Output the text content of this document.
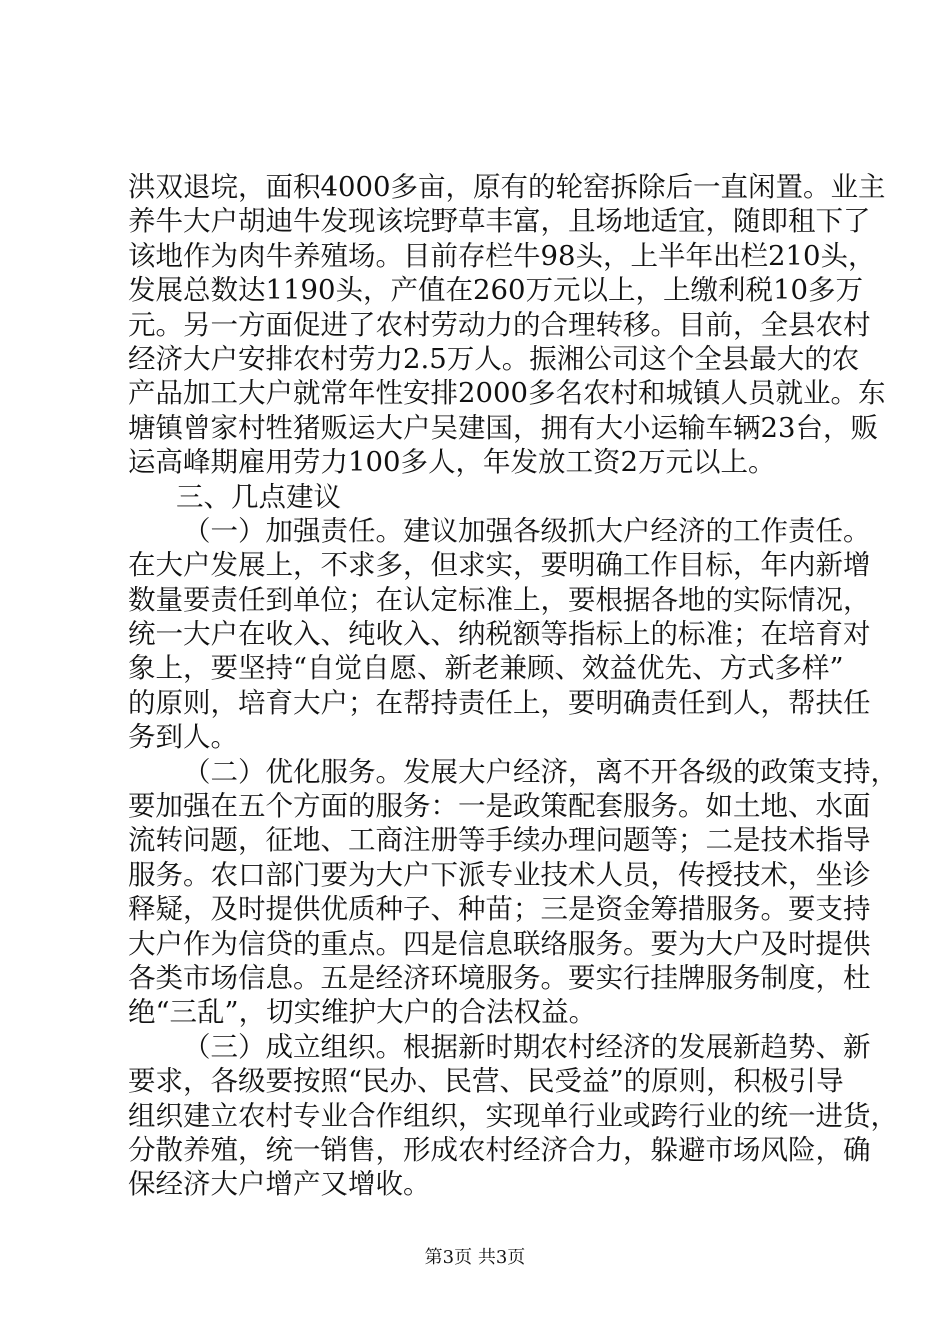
洪双退垸，面积4000多亩，原有的轮窑拆除后一直闲置。业主
养牛大户胡迪牛发现该垸野草丰富，且场地适宜，随即租下了
该地作为肉牛养殖场。目前存栏牛98头，上半年出栏210头，
发展总数达1190头，产值在260万元以上，上缴利税10多万
元。另一方面促进了农村劳动力的合理转移。目前，全县农村
经济大户安排农村劳力2.5万人。振湘公司这个全县最大的农
产品加工大户就常年性安排2000多名农村和城镇人员就业。东
塘镇曾家村牲猪贩运大户吴建国，拥有大小运输车辆23台，贩
运高峰期雇用劳力100多人，年发放工资2万元以上。
三、几点建议
（一）加强责任。建议加强各级抓大户经济的工作责任。
在大户发展上，不求多，但求实，要明确工作目标，年内新增
数量要责任到单位；在认定标准上，要根据各地的实际情况，
统一大户在收入、纯收入、纳税额等指标上的标准；在培育对
象上，要坚持“自觉自愿、新老兼顾、效益优先、方式多样”
的原则，培育大户；在帮持责任上，要明确责任到人，帮扶任
务到人。
（二）优化服务。发展大户经济，离不开各级的政策支持，
要加强在五个方面的服务：一是政策配套服务。如土地、水面
流转问题，征地、工商注册等手续办理问题等；二是技术指导
服务。农口部门要为大户下派专业技术人员，传授技术，坐诊
释疑，及时提供优质种子、种苗；三是资金筹措服务。要支持
大户作为信贷的重点。四是信息联络服务。要为大户及时提供
各类市场信息。五是经济环境服务。要实行挂牌服务制度，杜
绝“三乱”，切实维护大户的合法权益。
（三）成立组织。根据新时期农村经济的发展新趋势、新
要求，各级要按照“民办、民营、民受益”的原则，积极引导
组织建立农村专业合作组织，实现单行业或跨行业的统一进货，
分散养殖，统一销售，形成农村经济合力，躲避市场风险，确
保经济大户增产又增收。
第3页 共3页
